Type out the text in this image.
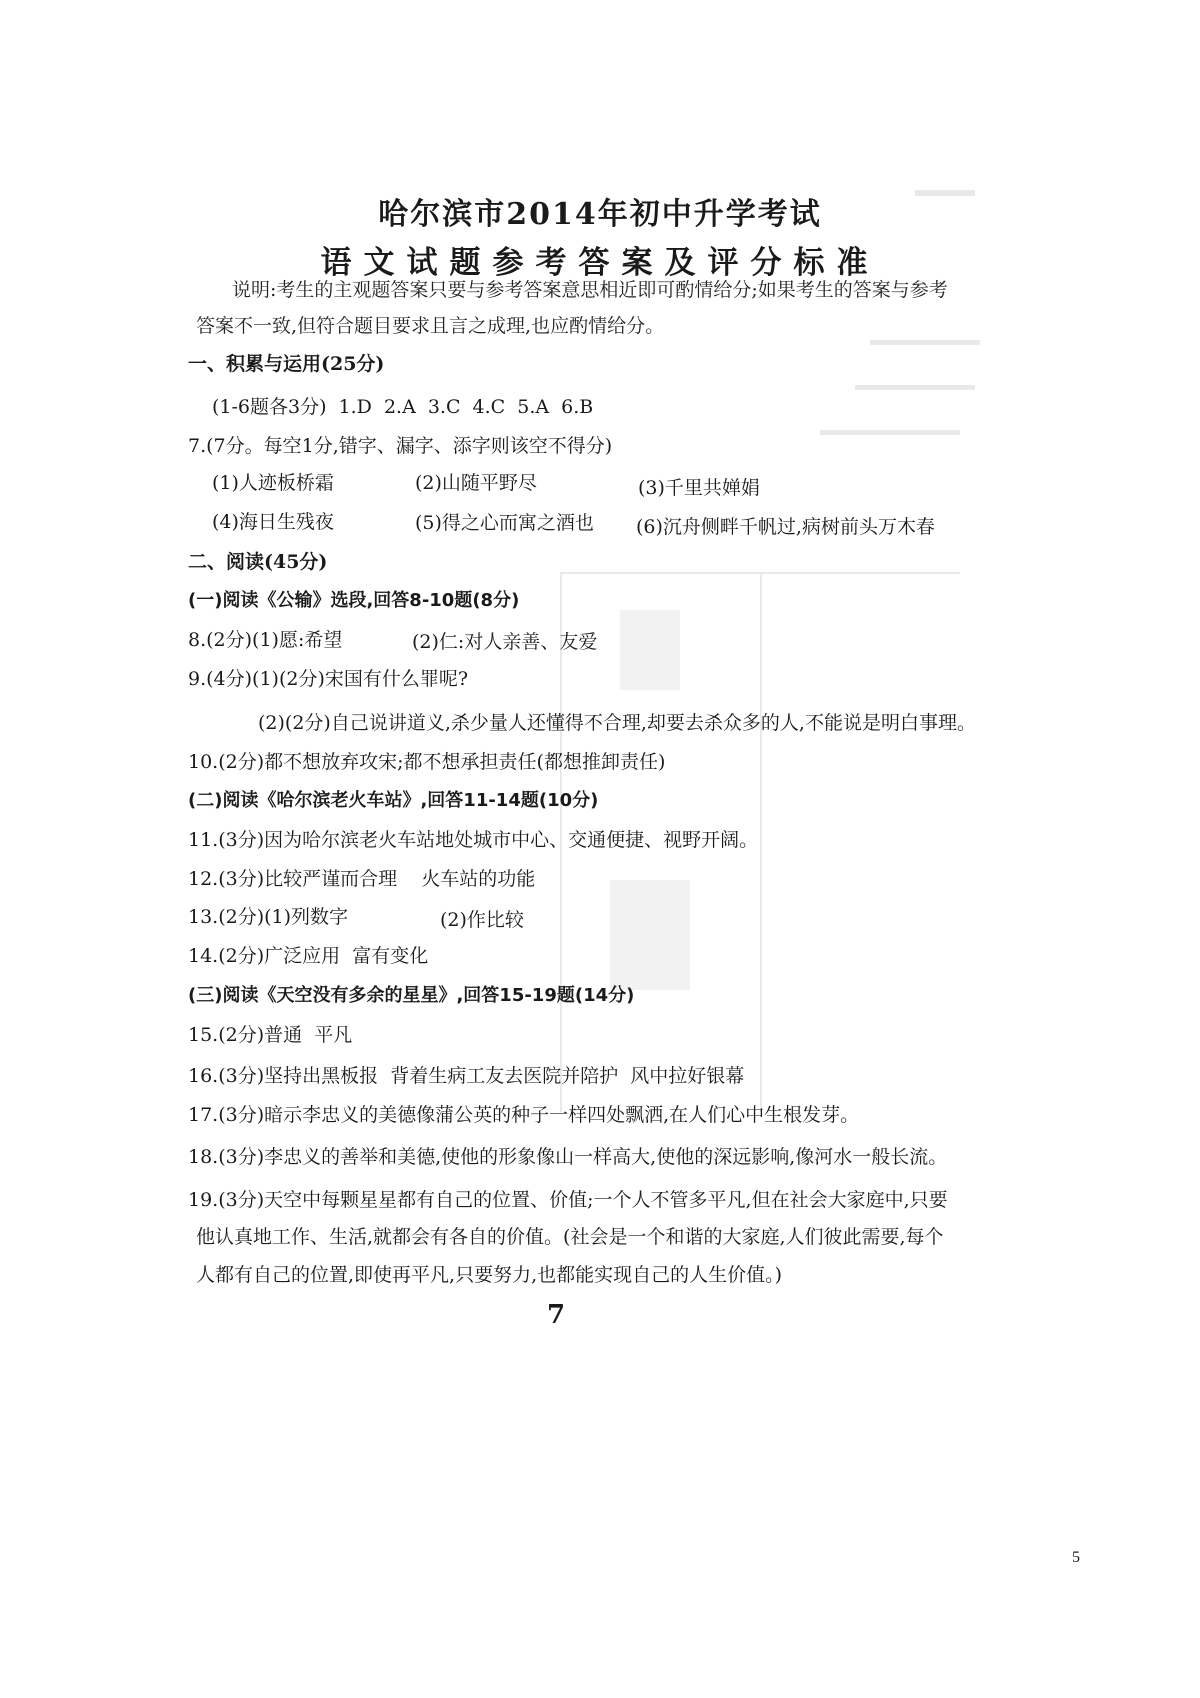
哈尔滨市2014年初中升学考试
语文试题参考答案及评分标准
说明:考生的主观题答案只要与参考答案意思相近即可酌情给分;如果考生的答案与参考
答案不一致,但符合题目要求且言之成理,也应酌情给分。
一、积累与运用(25分)
(1-6题各3分) 1.D 2.A 3.C 4.C 5.A 6.B
7.(7分。每空1分,错字、漏字、添字则该空不得分)
(1)人迹板桥霜	(2)山随平野尽	(3)千里共婵娟
(4)海日生残夜	(5)得之心而寓之酒也 (6)沉舟侧畔千帆过,病树前头万木春
二、阅读(45分)
(一)阅读《公输》选段,回答8-10题(8分)
8.(2分)(1)愿:希望	(2)仁:对人亲善、友爱
9.(4分)(1)(2分)宋国有什么罪呢?
(2)(2分)自己说讲道义,杀少量人还懂得不合理,却要去杀众多的人,不能说是明白事理。
10.(2分)都不想放弃攻宋;都不想承担责任(都想推卸责任)
(二)阅读《哈尔滨老火车站》,回答11-14题(10分)
11.(3分)因为哈尔滨老火车站地处城市中心、交通便捷、视野开阔。
12.(3分)比较严谨而合理    火车站的功能
13.(2分)(1)列数字	(2)作比较
14.(2分)广泛应用  富有变化
(三)阅读《天空没有多余的星星》,回答15-19题(14分)
15.(2分)普通  平凡
16.(3分)坚持出黑板报  背着生病工友去医院并陪护  风中拉好银幕
17.(3分)暗示李忠义的美德像蒲公英的种子一样四处飘洒,在人们心中生根发芽。
18.(3分)李忠义的善举和美德,使他的形象像山一样高大,使他的深远影响,像河水一般长流。
19.(3分)天空中每颗星星都有自己的位置、价值;一个人不管多平凡,但在社会大家庭中,只要
他认真地工作、生活,就都会有各自的价值。(社会是一个和谐的大家庭,人们彼此需要,每个
人都有自己的位置,即使再平凡,只要努力,也都能实现自己的人生价值。)
7
5
